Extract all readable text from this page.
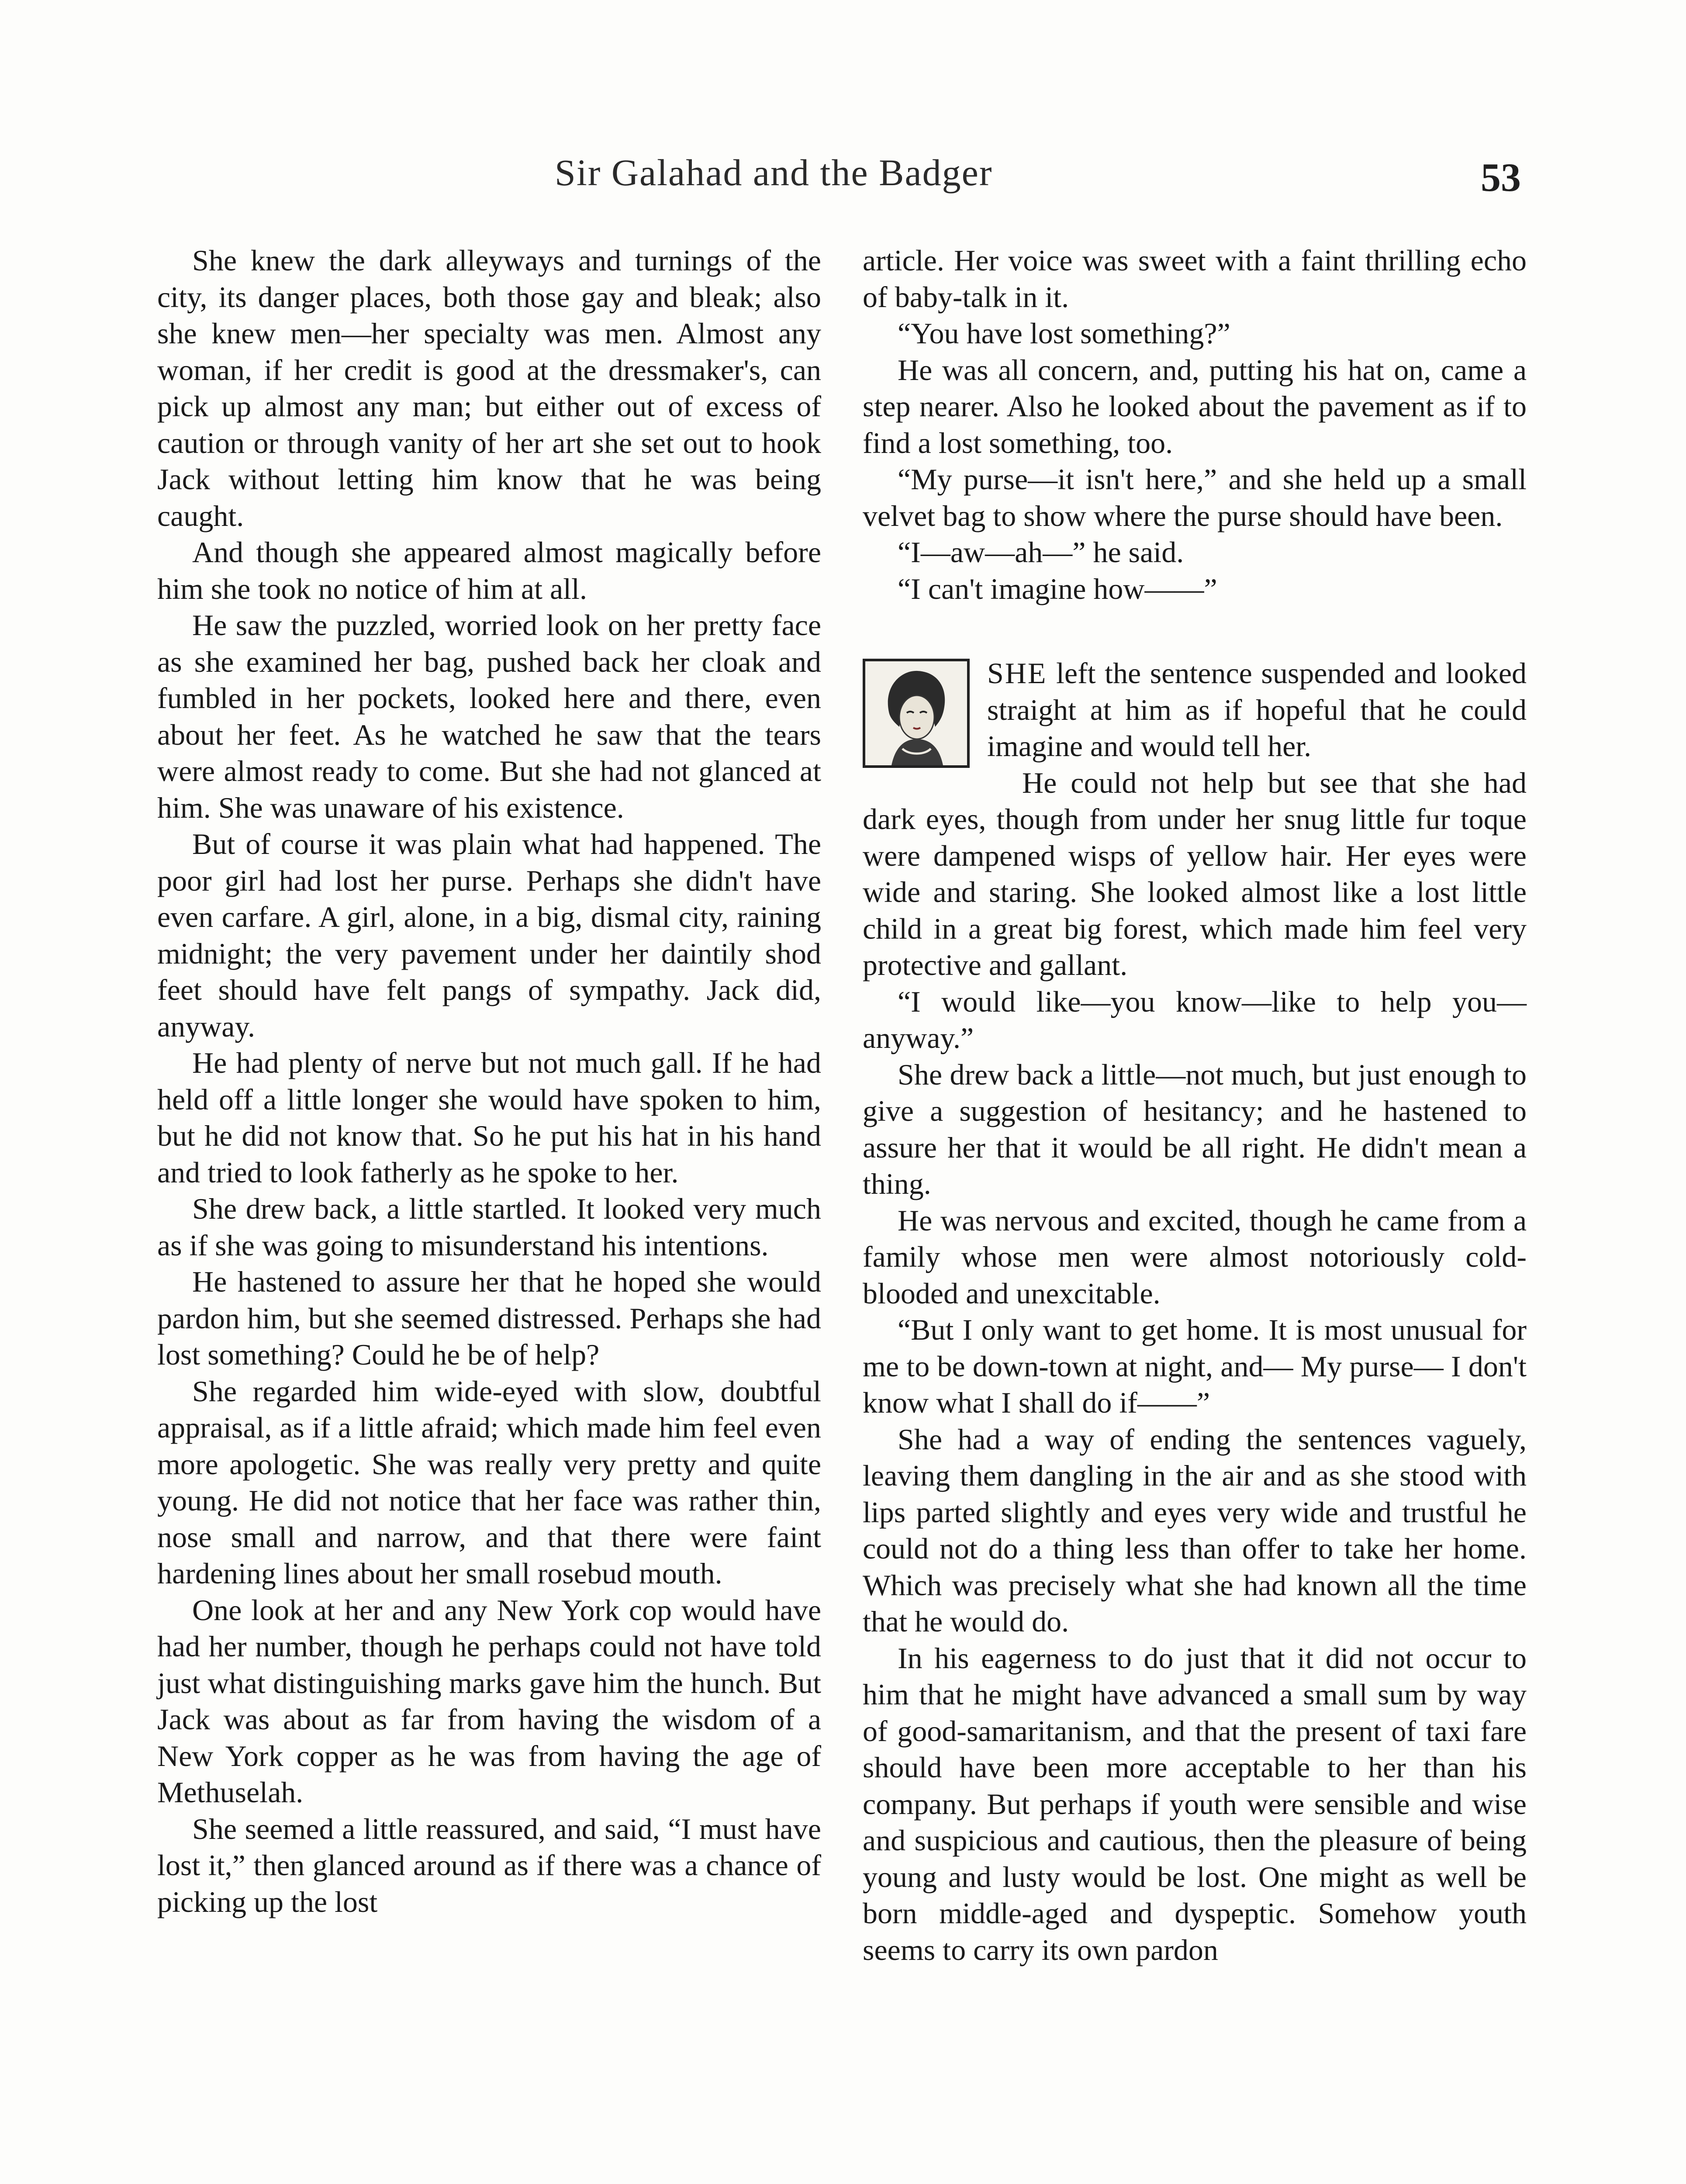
Sir Galahad and the Badger	53

She knew the dark alleyways and turnings of the city, its danger places, both those gay and bleak; also she knew men—her specialty was men. Almost any woman, if her credit is good at the dressmaker's, can pick up almost any man; but either out of excess of caution or through vanity of her art she set out to hook Jack without letting him know that he was being caught.

And though she appeared almost magically before him she took no notice of him at all.

He saw the puzzled, worried look on her pretty face as she examined her bag, pushed back her cloak and fumbled in her pockets, looked here and there, even about her feet. As he watched he saw that the tears were almost ready to come. But she had not glanced at him. She was unaware of his existence.

But of course it was plain what had happened. The poor girl had lost her purse. Perhaps she didn't have even carfare. A girl, alone, in a big, dismal city, raining midnight; the very pavement under her daintily shod feet should have felt pangs of sympathy. Jack did, anyway.

He had plenty of nerve but not much gall. If he had held off a little longer she would have spoken to him, but he did not know that. So he put his hat in his hand and tried to look fatherly as he spoke to her.

She drew back, a little startled. It looked very much as if she was going to misunderstand his intentions.

He hastened to assure her that he hoped she would pardon him, but she seemed distressed. Perhaps she had lost something? Could he be of help?

She regarded him wide-eyed with slow, doubtful appraisal, as if a little afraid; which made him feel even more apologetic. She was really very pretty and quite young. He did not notice that her face was rather thin, nose small and narrow, and that there were faint hardening lines about her small rosebud mouth.

One look at her and any New York cop would have had her number, though he perhaps could not have told just what distinguishing marks gave him the hunch. But Jack was about as far from having the wisdom of a New York copper as he was from having the age of Methuselah.

She seemed a little reassured, and said, “I must have lost it,” then glanced around as if there was a chance of picking up the lost

article. Her voice was sweet with a faint thrilling echo of baby-talk in it.

“You have lost something?”

He was all concern, and, putting his hat on, came a step nearer. Also he looked about the pavement as if to find a lost something, too.

“My purse—it isn't here,” and she held up a small velvet bag to show where the purse should have been.

“I—aw—ah—” he said.

“I can't imagine how——”

SHE left the sentence suspended and looked straight at him as if hopeful that he could imagine and would tell her.

He could not help but see that she had dark eyes, though from under her snug little fur toque were dampened wisps of yellow hair. Her eyes were wide and staring. She looked almost like a lost little child in a great big forest, which made him feel very protective and gallant.

“I would like—you know—like to help you—anyway.”

She drew back a little—not much, but just enough to give a suggestion of hesitancy; and he hastened to assure her that it would be all right. He didn't mean a thing.

He was nervous and excited, though he came from a family whose men were almost notoriously cold-blooded and unexcitable.

“But I only want to get home. It is most unusual for me to be down-town at night, and— My purse— I don't know what I shall do if——”

She had a way of ending the sentences vaguely, leaving them dangling in the air and as she stood with lips parted slightly and eyes very wide and trustful he could not do a thing less than offer to take her home. Which was precisely what she had known all the time that he would do.

In his eagerness to do just that it did not occur to him that he might have advanced a small sum by way of good-samaritanism, and that the present of taxi fare should have been more acceptable to her than his company. But perhaps if youth were sensible and wise and suspicious and cautious, then the pleasure of being young and lusty would be lost. One might as well be born middle-aged and dyspeptic. Somehow youth seems to carry its own pardon
